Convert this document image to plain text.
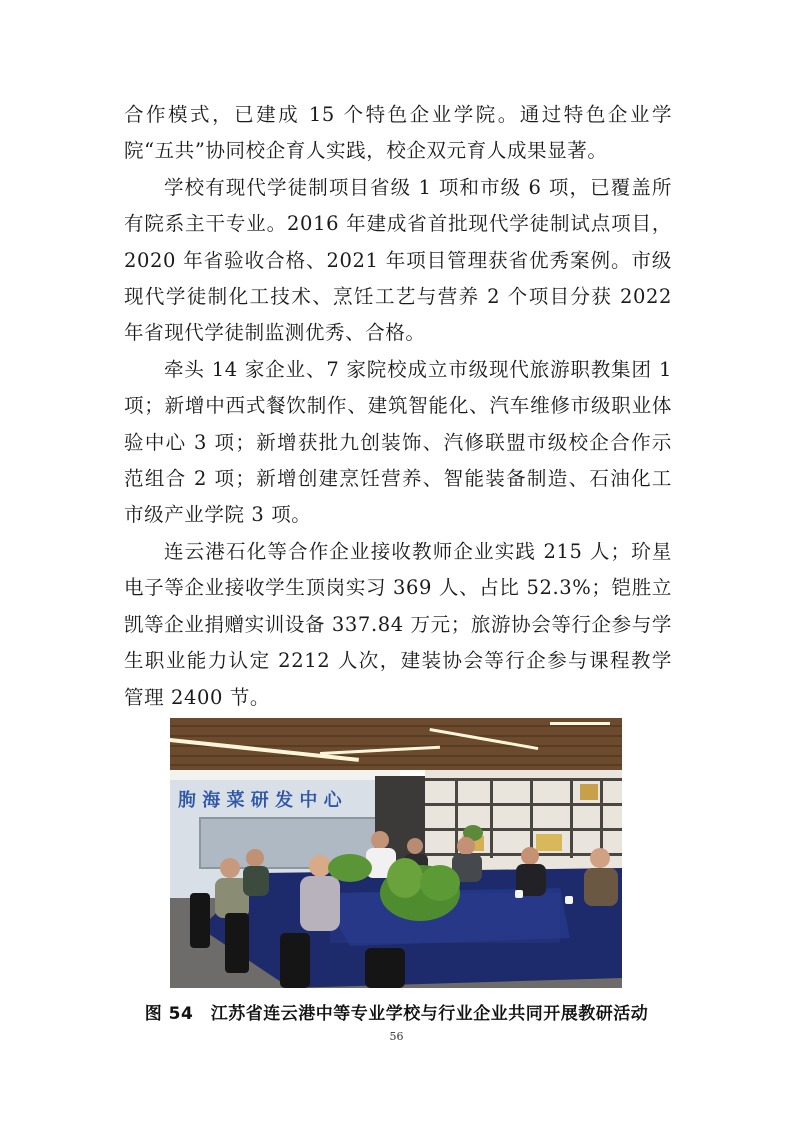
合作模式，已建成 15 个特色企业学院。通过特色企业学院“五共”协同校企育人实践，校企双元育人成果显著。

学校有现代学徒制项目省级 1 项和市级 6 项，已覆盖所有院系主干专业。2016 年建成省首批现代学徒制试点项目，2020 年省验收合格、2021 年项目管理获省优秀案例。市级现代学徒制化工技术、烹饪工艺与营养 2 个项目分获 2022 年省现代学徒制监测优秀、合格。

牵头 14 家企业、7 家院校成立市级现代旅游职教集团 1 项；新增中西式餐饮制作、建筑智能化、汽车维修市级职业体验中心 3 项；新增获批九创装饰、汽修联盟市级校企合作示范组合 2 项；新增创建烹饪营养、智能装备制造、石油化工市级产业学院 3 项。

连云港石化等合作企业接收教师企业实践 215 人；玠星电子等企业接收学生顶岗实习 369 人、占比 52.3%；铠胜立凯等企业捐赠实训设备 337.84 万元；旅游协会等行企参与学生职业能力认定 2212 人次，建装协会等行企参与课程教学管理 2400 节。

朐 海 菜 研 发 中 心
图 54　江苏省连云港中等专业学校与行业企业共同开展教研活动
56
